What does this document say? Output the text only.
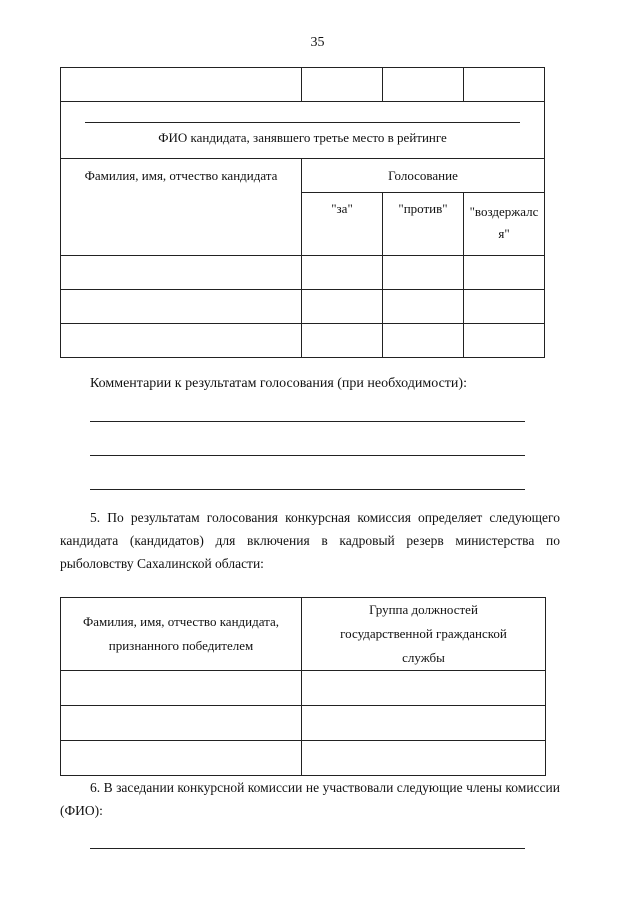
35

ФИО кандидата, занявшего третье место в рейтинге			

Фамилия, имя, отчество кандидата	Голосование		
	"за"	"против"	"воздержался"

Комментарии к результатам голосования (при необходимости):
5. По результатам голосования конкурсная комиссия определяет следующего кандидата (кандидатов) для включения в кадровый резерв министерства по рыболовству Сахалинской области:
Фамилия, имя, отчество кандидата, признанного победителем	Группа должностей государственной гражданской службы

6. В заседании конкурсной комиссии не участвовали следующие члены комиссии (ФИО):
